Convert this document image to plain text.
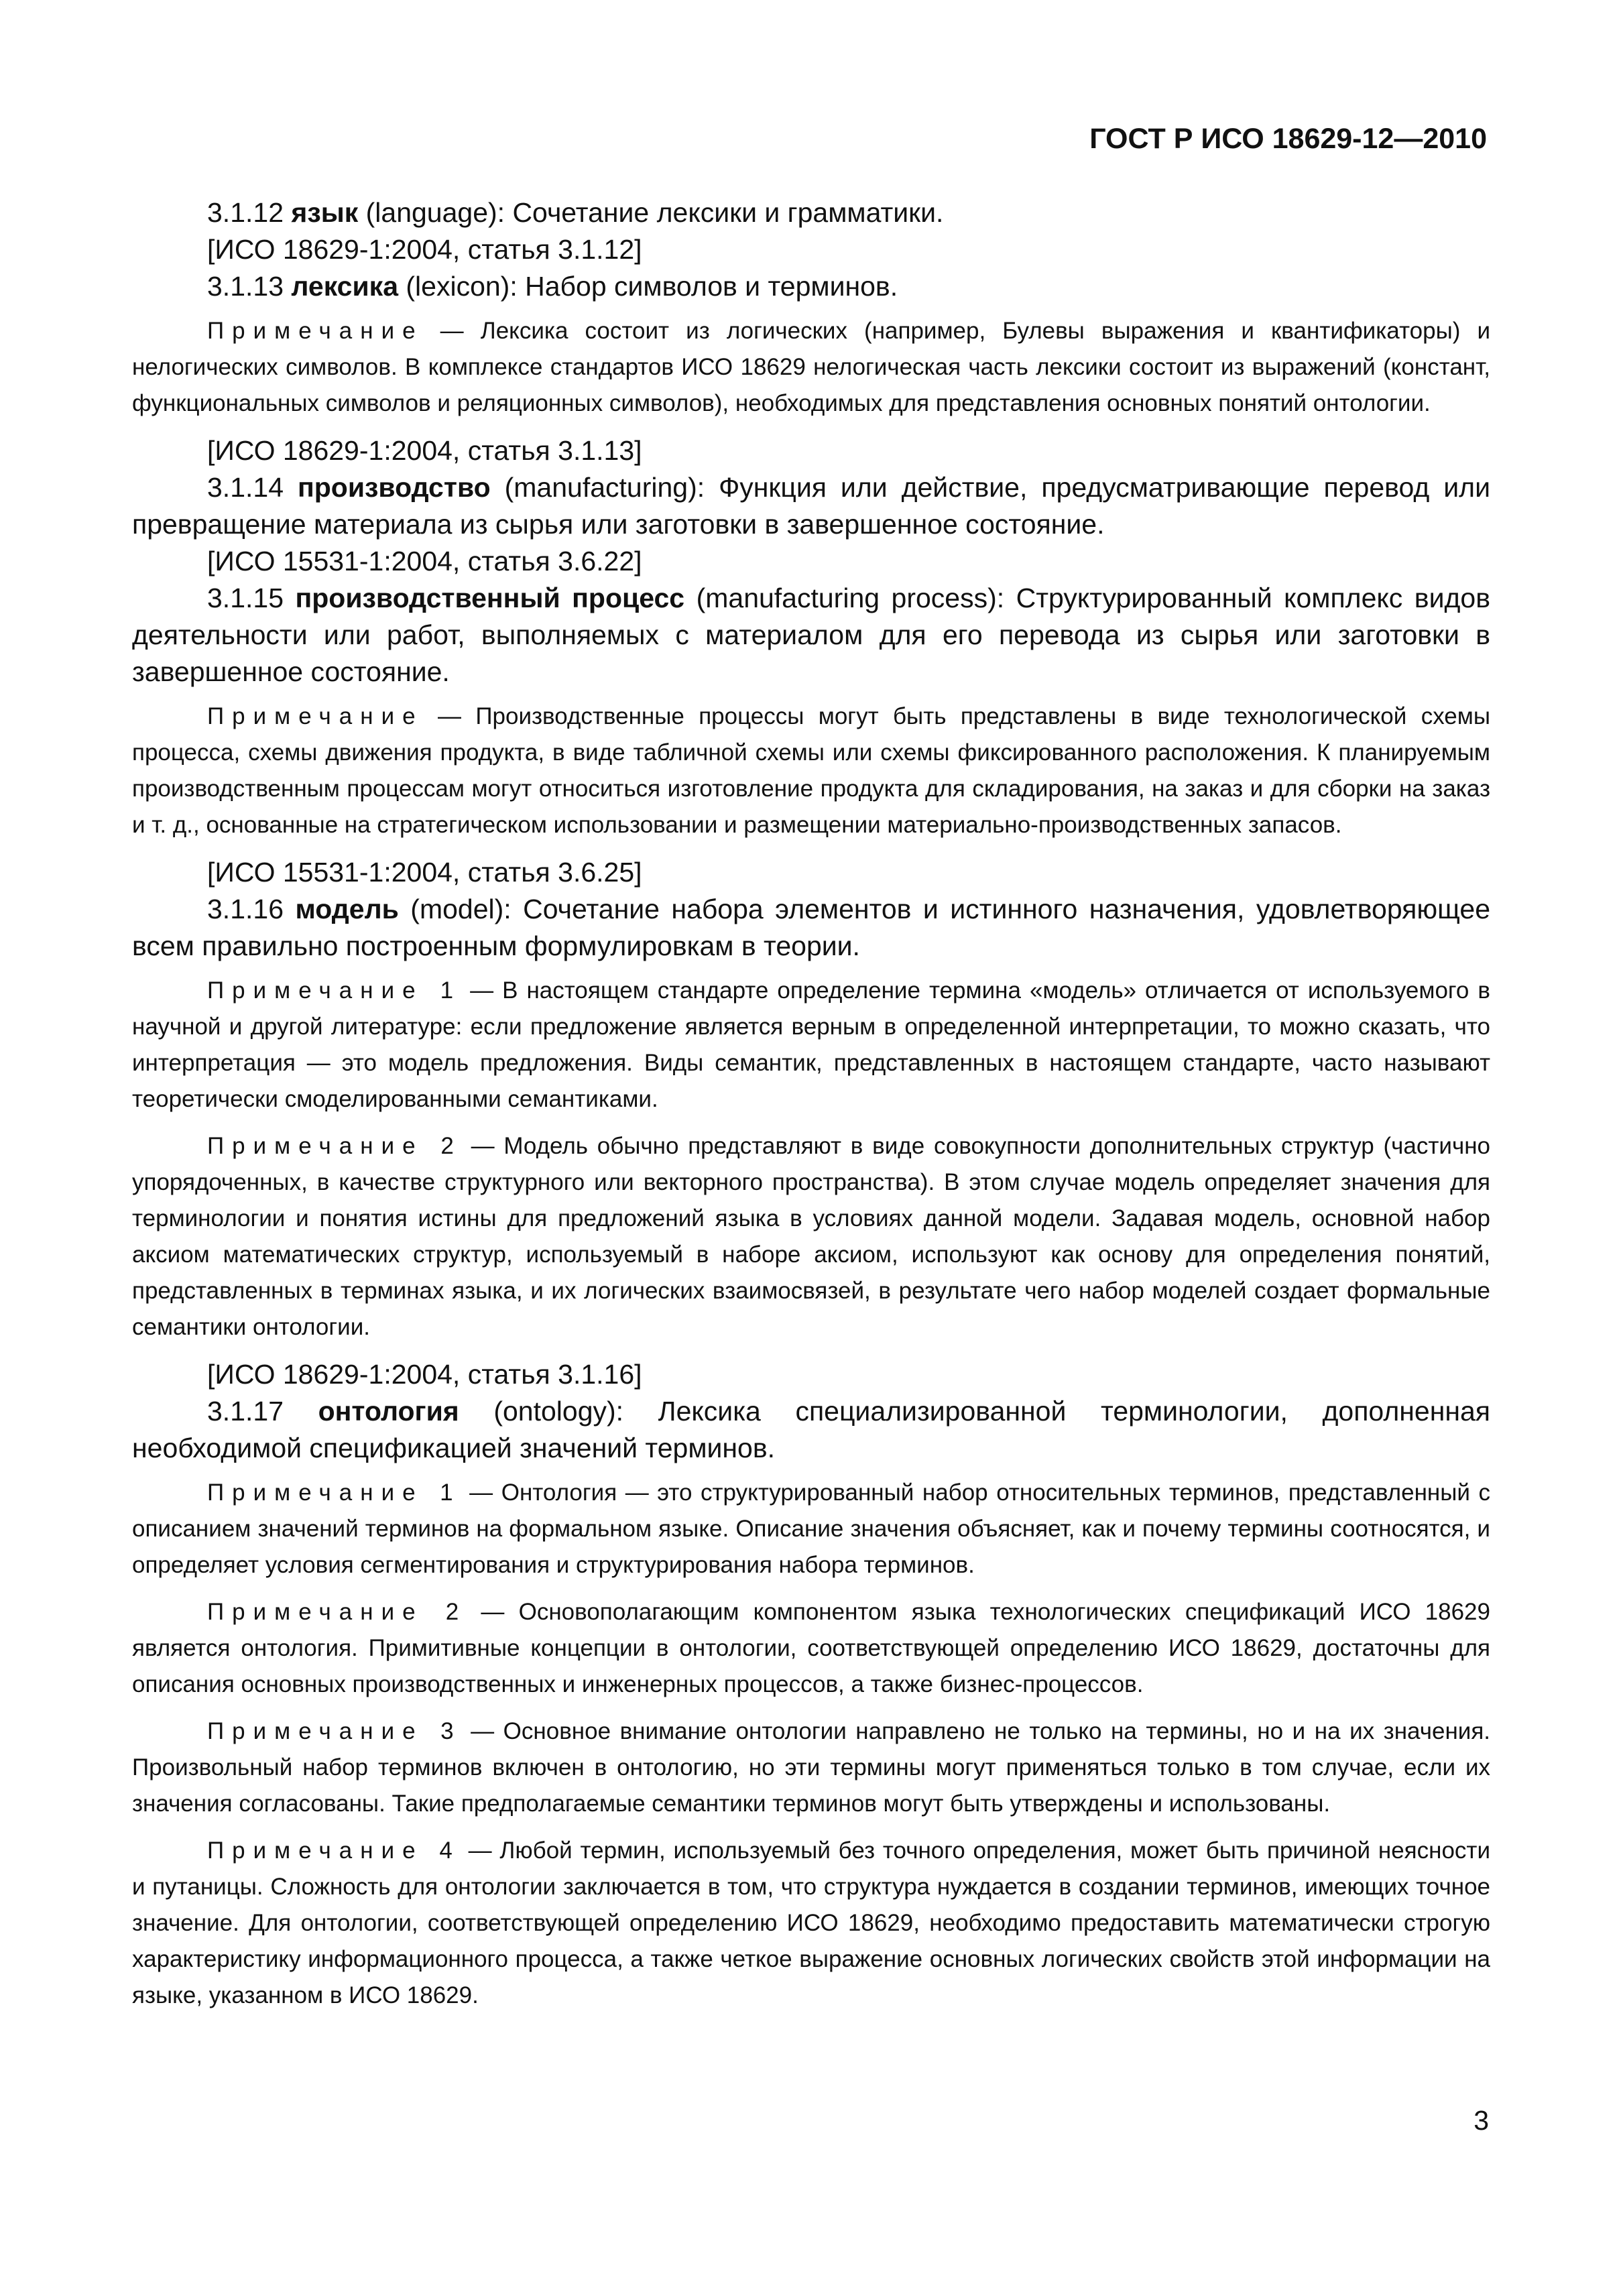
ГОСТ Р ИСО 18629-12—2010

3.1.12 язык (language): Сочетание лексики и грамматики.

[ИСО 18629-1:2004, статья 3.1.12]

3.1.13 лексика (lexicon): Набор символов и терминов.

Примечание — Лексика состоит из логических (например, Булевы выражения и квантификаторы) и нелогических символов. В комплексе стандартов ИСО 18629 нелогическая часть лексики состоит из выражений (констант, функциональных символов и реляционных символов), необходимых для представления основных понятий онтологии.

[ИСО 18629-1:2004, статья 3.1.13]

3.1.14 производство (manufacturing): Функция или действие, предусматривающие перевод или превращение материала из сырья или заготовки в завершенное состояние.

[ИСО 15531-1:2004, статья 3.6.22]

3.1.15 производственный процесс (manufacturing process): Структурированный комплекс видов деятельности или работ, выполняемых с материалом для его перевода из сырья или заготовки в завершенное состояние.

Примечание — Производственные процессы могут быть представлены в виде технологической схемы процесса, схемы движения продукта, в виде табличной схемы или схемы фиксированного расположения. К планируемым производственным процессам могут относиться изготовление продукта для складирования, на заказ и для сборки на заказ и т. д., основанные на стратегическом использовании и размещении материально-производственных запасов.

[ИСО 15531-1:2004, статья 3.6.25]

3.1.16 модель (model): Сочетание набора элементов и истинного назначения, удовлетворяющее всем правильно построенным формулировкам в теории.

Примечание 1 — В настоящем стандарте определение термина «модель» отличается от используемого в научной и другой литературе: если предложение является верным в определенной интерпретации, то можно сказать, что интерпретация — это модель предложения. Виды семантик, представленных в настоящем стандарте, часто называют теоретически смоделированными семантиками.

Примечание 2 — Модель обычно представляют в виде совокупности дополнительных структур (частично упорядоченных, в качестве структурного или векторного пространства). В этом случае модель определяет значения для терминологии и понятия истины для предложений языка в условиях данной модели. Задавая модель, основной набор аксиом математических структур, используемый в наборе аксиом, используют как основу для определения понятий, представленных в терминах языка, и их логических взаимосвязей, в результате чего набор моделей создает формальные семантики онтологии.

[ИСО 18629-1:2004, статья 3.1.16]

3.1.17 онтология (ontology): Лексика специализированной терминологии, дополненная необходимой спецификацией значений терминов.

Примечание 1 — Онтология — это структурированный набор относительных терминов, представленный с описанием значений терминов на формальном языке. Описание значения объясняет, как и почему термины соотносятся, и определяет условия сегментирования и структурирования набора терминов.

Примечание 2 — Основополагающим компонентом языка технологических спецификаций ИСО 18629 является онтология. Примитивные концепции в онтологии, соответствующей определению ИСО 18629, достаточны для описания основных производственных и инженерных процессов, а также бизнес-процессов.

Примечание 3 — Основное внимание онтологии направлено не только на термины, но и на их значения. Произвольный набор терминов включен в онтологию, но эти термины могут применяться только в том случае, если их значения согласованы. Такие предполагаемые семантики терминов могут быть утверждены и использованы.

Примечание 4 — Любой термин, используемый без точного определения, может быть причиной неясности и путаницы. Сложность для онтологии заключается в том, что структура нуждается в создании терминов, имеющих точное значение. Для онтологии, соответствующей определению ИСО 18629, необходимо предоставить математически строгую характеристику информационного процесса, а также четкое выражение основных логических свойств этой информации на языке, указанном в ИСО 18629.

3
